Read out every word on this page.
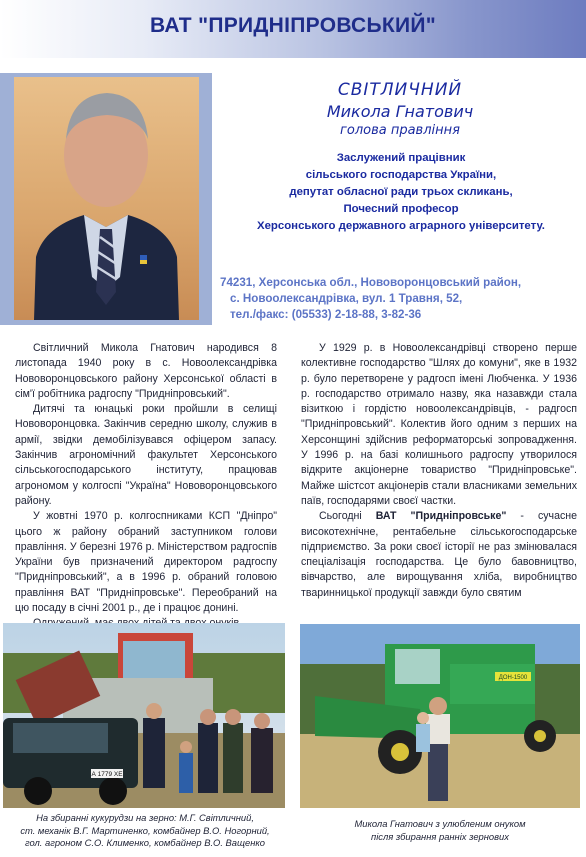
ВАТ "ПРИДНІПРОВСЬКИЙ"
СВІТЛИЧНИЙ
Микола Гнатович
голова правління
Заслужений працівник
сільського господарства України,
депутат обласної ради трьох скликань,
Почесний професор
Херсонського державного аграрного університету.
74231, Херсонська обл., Нововоронцовський район,
с. Новоолександрівка, вул. 1 Травня, 52,
тел./факс: (05533) 2-18-88, 3-82-36

Світличний Микола Гнатович народився 8 листопада 1940 року в с. Новоолександрівка Нововоронцовського району Херсонської області в сім'ї робітника радгоспу "Придніпровський".

Дитячі та юнацькі роки пройшли в селищі Нововоронцовка. Закінчив середню школу, служив в армії, звідки демобілізувався офіцером запасу. Закінчив агрономічний факультет Херсонського сільськогосподарського інституту, працював агрономом у колгоспі "Україна" Нововоронцовського району.

У жовтні 1970 р. колгоспниками КСП "Дніпро" цього ж району обраний заступником голови правління. У березні 1976 р. Міністерством радгоспів України був призначений директором радгоспу "Придніпровський", а в 1996 р. обраний головою правління ВАТ "Придніпровське". Переобраний на цю посаду в січні 2001 р., де і працює донині.

У 1929 р. в Новоолександрівці створено перше колективне господарство "Шлях до комуни", яке в 1932 р. було перетворене у радгосп імені Любченка. У 1936 р. господарство отримало назву, яка назавжди стала візиткою і гордістю новоолександрівців, - радгосп "Придніпровський". Колектив його одним з перших на Херсонщині здійснив реформаторські зопровадження. У 1996 р. на базі колишнього радгоспу утворилося відкрите акціонерне товариство "Придніпровське". Майже шістсот акціонерів стали власниками земельних паїв, господарями своєї частки.

Сьогодні ВАТ "Придніпровське" - сучасне високотехнічне, рентабельне сільськогосподарське підприємство. За роки своєї історії не раз змінювалася спеціалізація господарства. Це було бавовництво, вівчарство, але вирощування хліба, виробництво тваринницької продукції завжди було святим

А 1779 ХЕ
ДОН-1500
На збиранні кукурудзи на зерно: М.Г. Світличний,
ст. механік В.Г. Мартиненко, комбайнер В.О. Ногорний,
гол. агроном С.О. Клименко, комбайнер В.О. Ващенко
Микола Гнатович з улюбленим онуком
після збирання ранніх зернових
